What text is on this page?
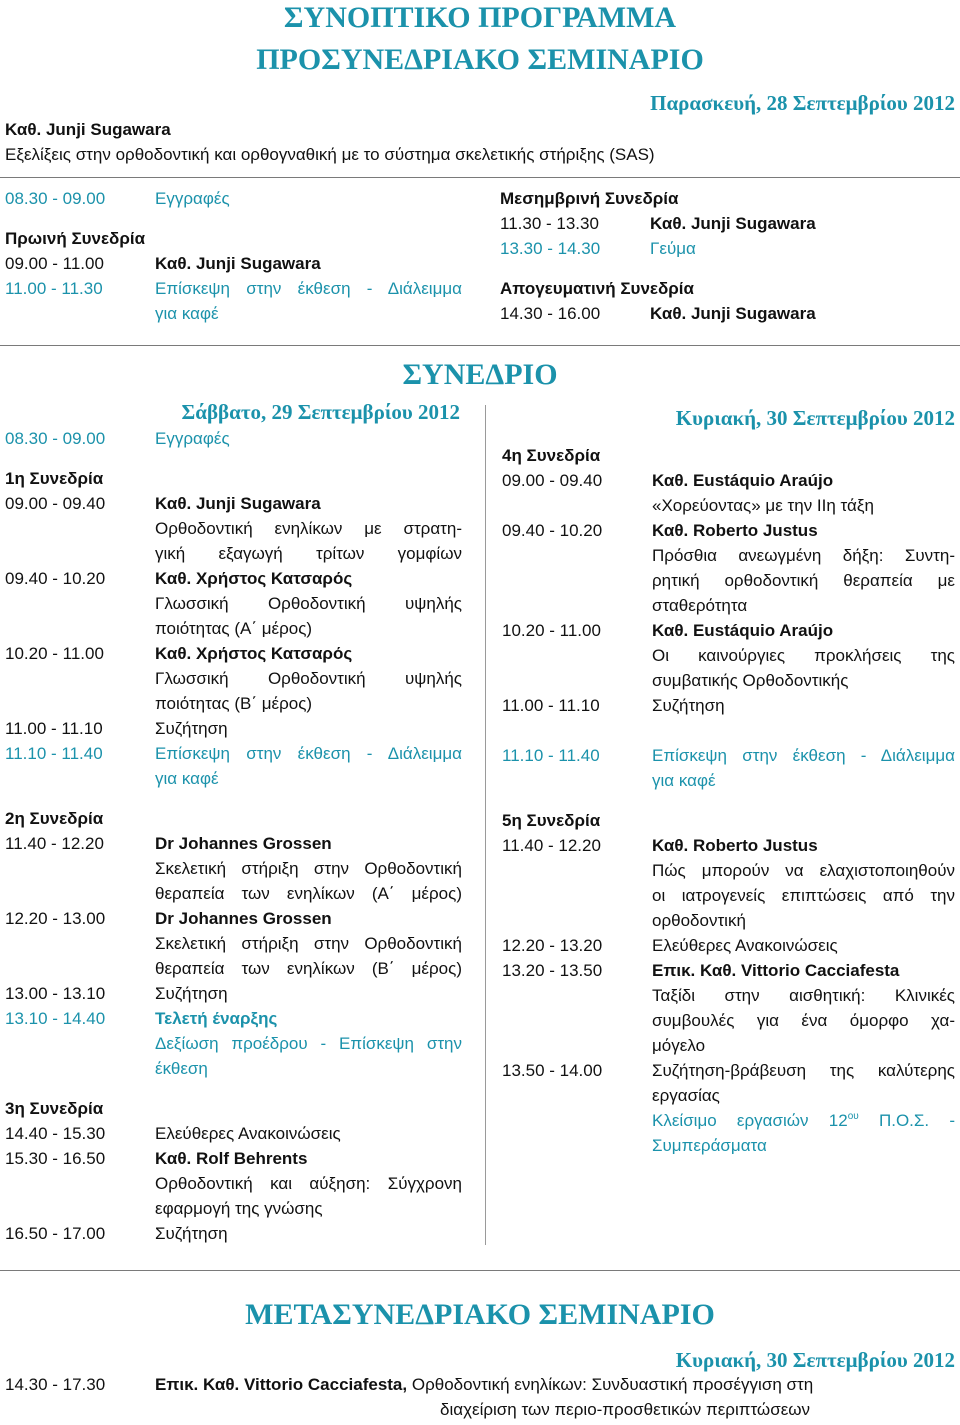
ΣΥΝΟΠΤΙΚΟ ΠΡΟΓΡΑΜΜΑ
ΠΡΟΣΥΝΕΔΡΙΑΚΟ ΣΕΜΙΝΑΡΙΟ
Παρασκευή, 28 Σεπτεμβρίου 2012
Καθ. Junji Sugawara
Εξελίξεις στην ορθοδοντική και ορθογναθική με το σύστημα σκελετικής στήριξης (SAS)
08.30 - 09.00	Εγγραφές
Πρωινή Συνεδρία
09.00 - 11.00	Καθ. Junji Sugawara
11.00 - 11.30	Επίσκεψη στην έκθεση - Διάλειμμα
για καφέ
Μεσημβρινή Συνεδρία
11.30 - 13.30	Καθ. Junji Sugawara
13.30 - 14.30	Γεύμα
Απογευματινή Συνεδρία
14.30 - 16.00	Καθ. Junji Sugawara
ΣΥΝΕΔΡΙΟ
Σάββατο, 29 Σεπτεμβρίου 2012	Κυριακή, 30 Σεπτεμβρίου 2012
08.30 - 09.00	Εγγραφές
1η Συνεδρία
09.00 - 09.40	Καθ. Junji Sugawara
Ορθοδοντική ενηλίκων με στρατη-
γική εξαγωγή τρίτων γομφίων
09.40 - 10.20	Καθ. Χρήστος Κατσαρός
Γλωσσική Ορθοδοντική υψηλής
ποιότητας (Α΄ μέρος)
10.20 - 11.00	Καθ. Χρήστος Κατσαρός
Γλωσσική Ορθοδοντική υψηλής
ποιότητας (Β΄ μέρος)
11.00 - 11.10	Συζήτηση
11.10 - 11.40	Επίσκεψη στην έκθεση - Διάλειμμα
για καφέ
2η Συνεδρία
11.40 - 12.20	Dr Johannes Grossen
Σκελετική στήριξη στην Ορθοδοντική
θεραπεία των ενηλίκων (Α΄ μέρος)
12.20 - 13.00	Dr Johannes Grossen
Σκελετική στήριξη στην Ορθοδοντική
θεραπεία των ενηλίκων (Β΄ μέρος)
13.00 - 13.10	Συζήτηση
13.10 - 14.40	Τελετή έναρξης
Δεξίωση προέδρου - Επίσκεψη στην
έκθεση
3η Συνεδρία
14.40 - 15.30	Ελεύθερες Ανακοινώσεις
15.30 - 16.50	Καθ. Rolf Behrents
Ορθοδοντική και αύξηση: Σύγχρονη
εφαρμογή της γνώσης
16.50 - 17.00	Συζήτηση
4η Συνεδρία
09.00 - 09.40	Καθ. Eustáquio Araújo
«Χορεύοντας» με την ΙΙη τάξη
09.40 - 10.20	Καθ. Roberto Justus
Πρόσθια ανεωγμένη δήξη: Συντη-
ρητική ορθοδοντική θεραπεία με
σταθερότητα
10.20 - 11.00	Καθ. Eustáquio Araújo
Οι καινούργιες προκλήσεις της
συμβατικής Ορθοδοντικής
11.00 - 11.10	Συζήτηση
11.10 - 11.40	Επίσκεψη στην έκθεση - Διάλειμμα
για καφέ
5η Συνεδρία
11.40 - 12.20	Καθ. Roberto Justus
Πώς μπορούν να ελαχιστοποιηθούν
οι ιατρογενείς επιπτώσεις από την
ορθοδοντική
12.20 - 13.20	Ελεύθερες Ανακοινώσεις
13.20 - 13.50	Επικ. Καθ. Vittorio Cacciafesta
Ταξίδι στην αισθητική: Κλινικές
συμβουλές για ένα όμορφο χα-
μόγελο
13.50 - 14.00	Συζήτηση-βράβευση της καλύτερης
εργασίας
Κλείσιμο εργασιών $12^{o\upsilon}$ Π.Ο.Σ. -
Συμπεράσματα
ΜΕΤΑΣΥΝΕΔΡΙΑΚΟ ΣΕΜΙΝΑΡΙΟ
Κυριακή, 30 Σεπτεμβρίου 2012
14.30 - 17.30	Επικ. Καθ. Vittorio Cacciafesta, Ορθοδοντική ενηλίκων: Συνδυαστική προσέγγιση στη
διαχείριση των περιο-προσθετικών περιπτώσεων
